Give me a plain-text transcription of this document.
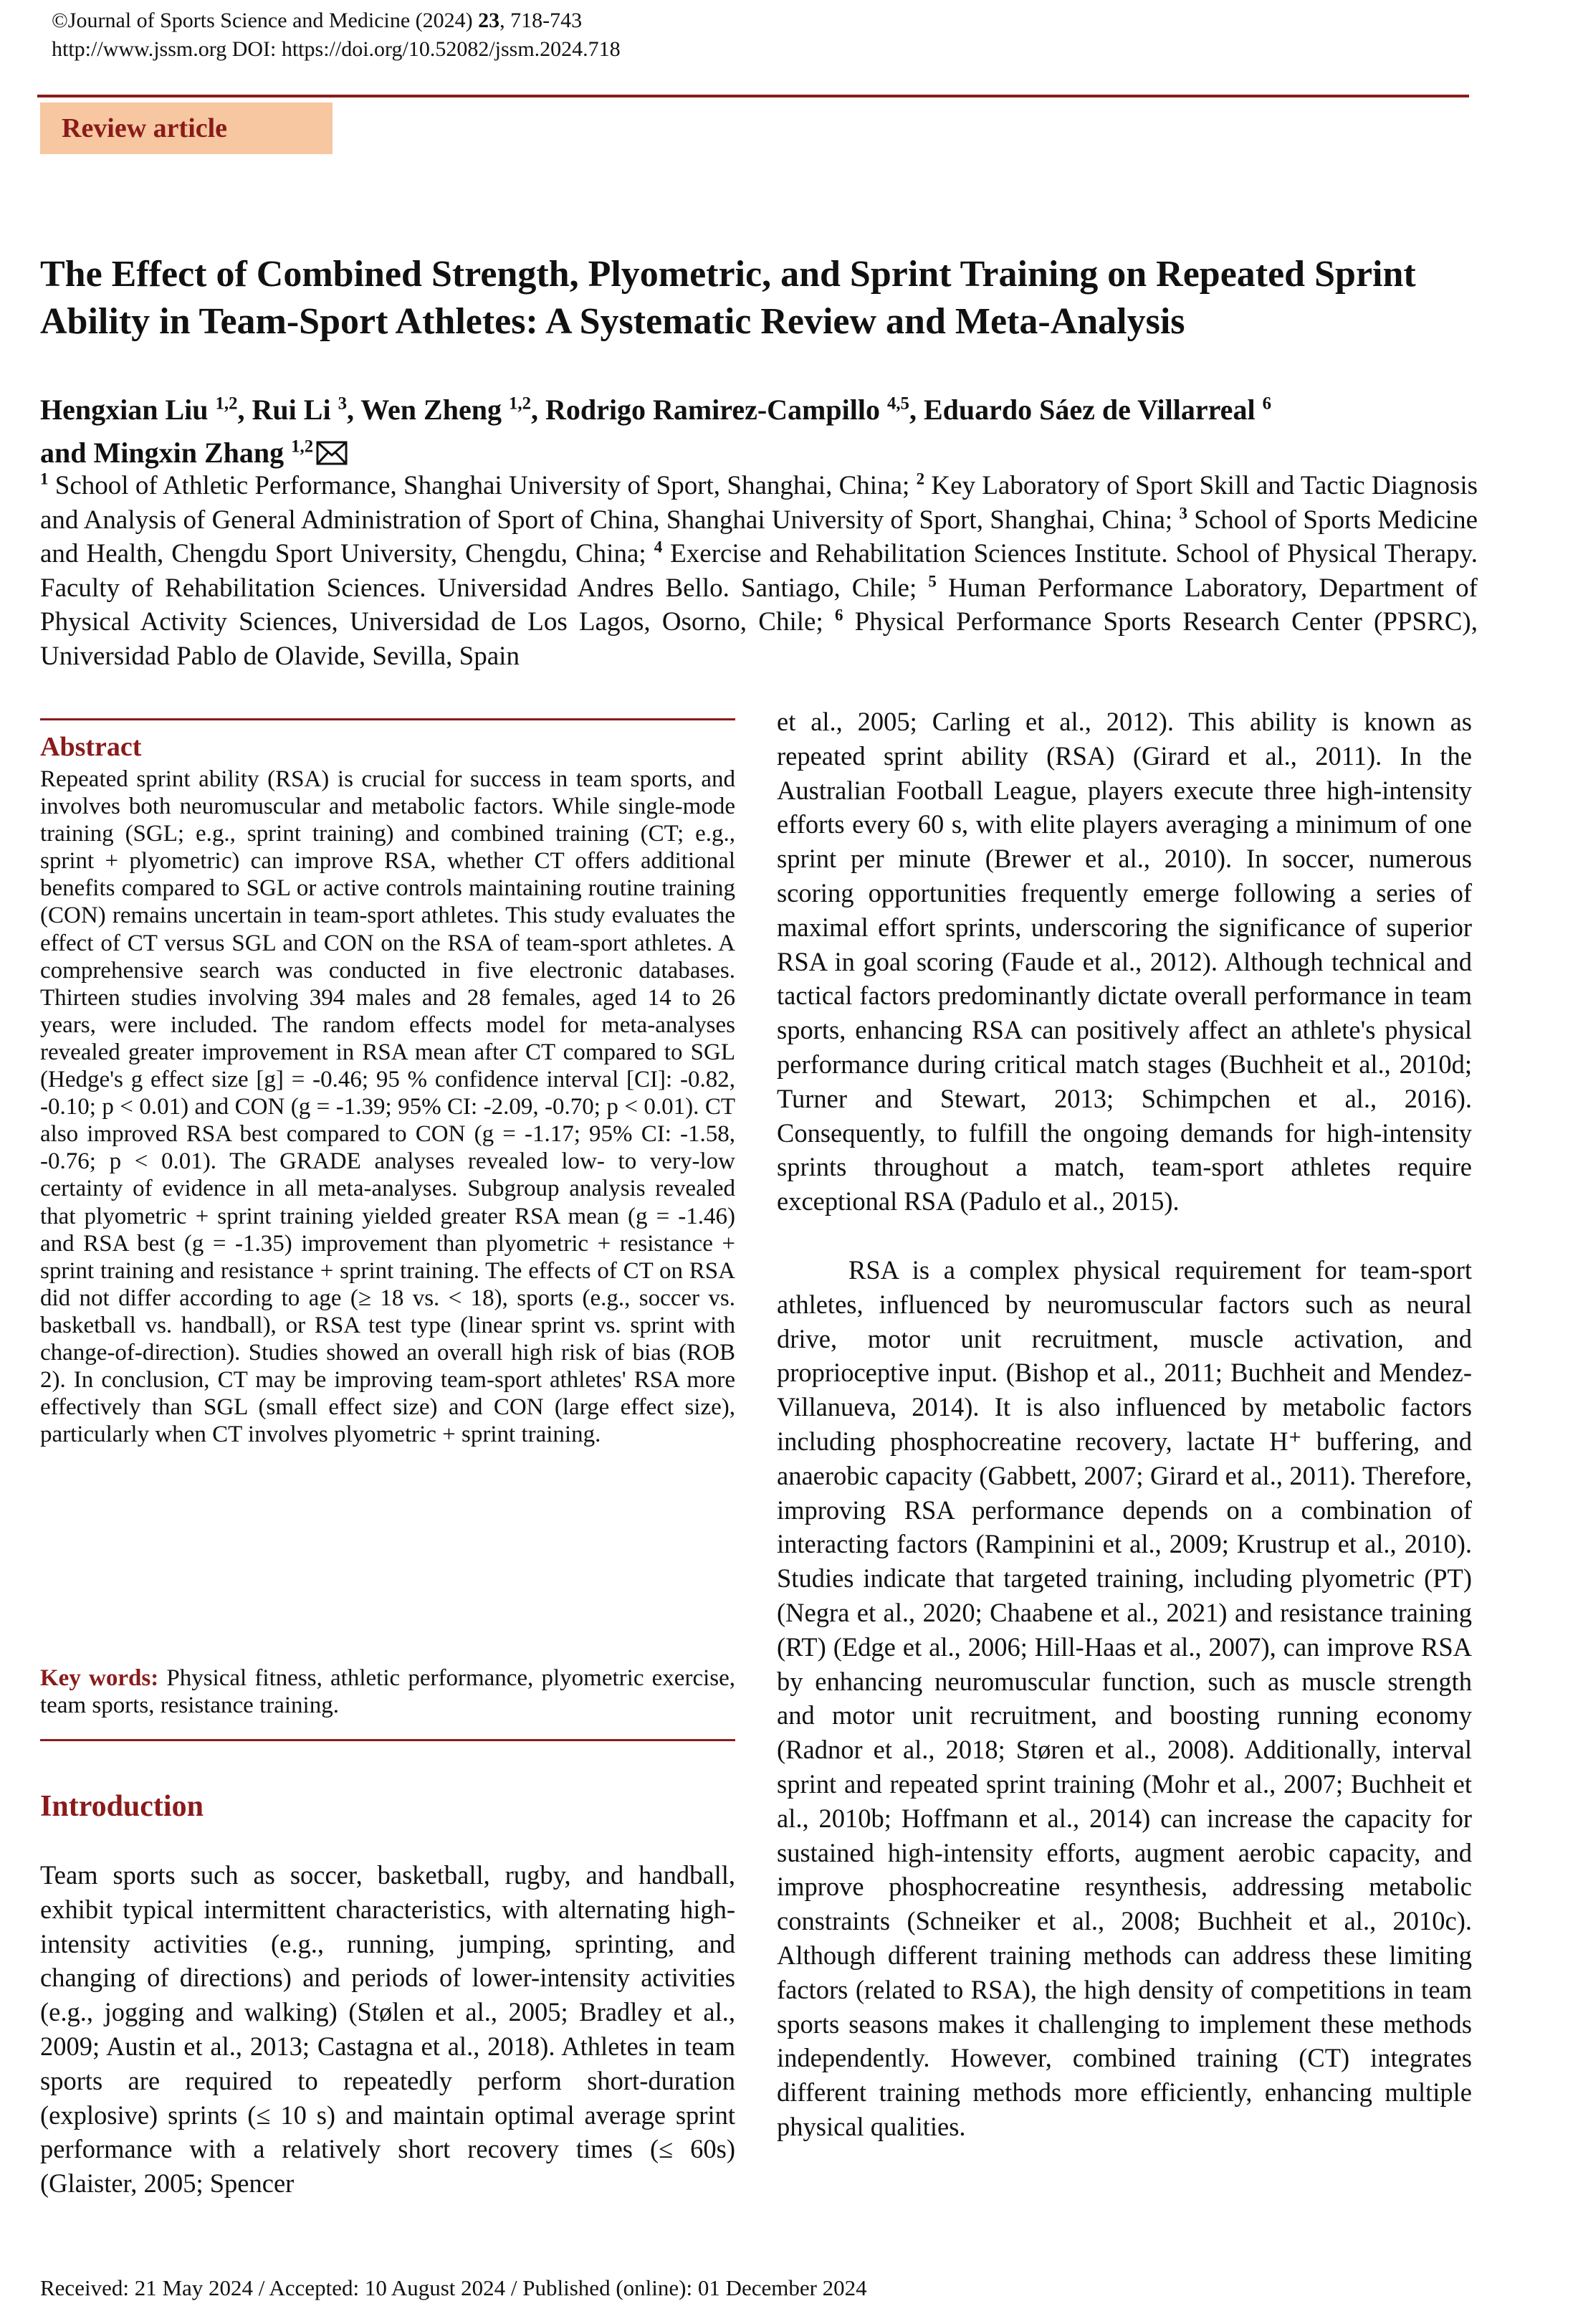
©Journal of Sports Science and Medicine (2024) 23, 718-743
http://www.jssm.org DOI: https://doi.org/10.52082/jssm.2024.718
Review article
The Effect of Combined Strength, Plyometric, and Sprint Training on Repeated Sprint Ability in Team-Sport Athletes: A Systematic Review and Meta-Analysis

Hengxian Liu $^{1,2}$, Rui Li $^3$, Wen Zheng $^{1,2}$, Rodrigo Ramirez-Campillo $^{4,5}$, Eduardo Sáez de Villarreal $^6$
and Mingxin Zhang $^{1,2}$

$^1$ School of Athletic Performance, Shanghai University of Sport, Shanghai, China; $^2$ Key Laboratory of Sport Skill and Tactic Diagnosis and Analysis of General Administration of Sport of China, Shanghai University of Sport, Shanghai, China; $^3$ School of Sports Medicine and Health, Chengdu Sport University, Chengdu, China; $^4$ Exercise and Rehabilitation Sciences Institute. School of Physical Therapy. Faculty of Rehabilitation Sciences. Universidad Andres Bello. Santiago, Chile; $^5$ Human Performance Laboratory, Department of Physical Activity Sciences, Universidad de Los Lagos, Osorno, Chile; $^6$ Physical Performance Sports Research Center (PPSRC), Universidad Pablo de Olavide, Sevilla, Spain

Abstract

Repeated sprint ability (RSA) is crucial for success in team sports, and involves both neuromuscular and metabolic factors. While single-mode training (SGL; e.g., sprint training) and combined training (CT; e.g., sprint + plyometric) can improve RSA, whether CT offers additional benefits compared to SGL or active controls maintaining routine training (CON) remains uncertain in team-sport athletes. This study evaluates the effect of CT versus SGL and CON on the RSA of team-sport athletes. A comprehensive search was conducted in five electronic databases. Thirteen studies involving 394 males and 28 females, aged 14 to 26 years, were included. The random effects model for meta-analyses revealed greater improvement in RSA mean after CT compared to SGL (Hedge's g effect size [g] = -0.46; 95 % confidence interval [CI]: -0.82, -0.10; p < 0.01) and CON (g = -1.39; 95% CI: -2.09, -0.70; p < 0.01). CT also improved RSA best compared to CON (g = -1.17; 95% CI: -1.58, -0.76; p < 0.01). The GRADE analyses revealed low- to very-low certainty of evidence in all meta-analyses. Subgroup analysis revealed that plyometric + sprint training yielded greater RSA mean (g = -1.46) and RSA best (g = -1.35) improvement than plyometric + resistance + sprint training and resistance + sprint training. The effects of CT on RSA did not differ according to age (≥ 18 vs. < 18), sports (e.g., soccer vs. basketball vs. handball), or RSA test type (linear sprint vs. sprint with change-of-direction). Studies showed an overall high risk of bias (ROB 2). In conclusion, CT may be improving team-sport athletes' RSA more effectively than SGL (small effect size) and CON (large effect size), particularly when CT involves plyometric + sprint training.

Key words: Physical fitness, athletic performance, plyometric exercise, team sports, resistance training.

Introduction

Team sports such as soccer, basketball, rugby, and handball, exhibit typical intermittent characteristics, with alternating high-intensity activities (e.g., running, jumping, sprinting, and changing of directions) and periods of lower-intensity activities (e.g., jogging and walking) (Stølen et al., 2005; Bradley et al., 2009; Austin et al., 2013; Castagna et al., 2018). Athletes in team sports are required to repeatedly perform short-duration (explosive) sprints (≤ 10 s) and maintain optimal average sprint performance with a relatively short recovery times (≤ 60s) (Glaister, 2005; Spencer

et al., 2005; Carling et al., 2012). This ability is known as repeated sprint ability (RSA) (Girard et al., 2011). In the Australian Football League, players execute three high-intensity efforts every 60 s, with elite players averaging a minimum of one sprint per minute (Brewer et al., 2010). In soccer, numerous scoring opportunities frequently emerge following a series of maximal effort sprints, underscoring the significance of superior RSA in goal scoring (Faude et al., 2012). Although technical and tactical factors predominantly dictate overall performance in team sports, enhancing RSA can positively affect an athlete's physical performance during critical match stages (Buchheit et al., 2010d; Turner and Stewart, 2013; Schimpchen et al., 2016). Consequently, to fulfill the ongoing demands for high-intensity sprints throughout a match, team-sport athletes require exceptional RSA (Padulo et al., 2015).

RSA is a complex physical requirement for team-sport athletes, influenced by neuromuscular factors such as neural drive, motor unit recruitment, muscle activation, and proprioceptive input. (Bishop et al., 2011; Buchheit and Mendez-Villanueva, 2014). It is also influenced by metabolic factors including phosphocreatine recovery, lactate H⁺ buffering, and anaerobic capacity (Gabbett, 2007; Girard et al., 2011). Therefore, improving RSA performance depends on a combination of interacting factors (Rampinini et al., 2009; Krustrup et al., 2010). Studies indicate that targeted training, including plyometric (PT) (Negra et al., 2020; Chaabene et al., 2021) and resistance training (RT) (Edge et al., 2006; Hill-Haas et al., 2007), can improve RSA by enhancing neuromuscular function, such as muscle strength and motor unit recruitment, and boosting running economy (Radnor et al., 2018; Støren et al., 2008). Additionally, interval sprint and repeated sprint training (Mohr et al., 2007; Buchheit et al., 2010b; Hoffmann et al., 2014) can increase the capacity for sustained high-intensity efforts, augment aerobic capacity, and improve phosphocreatine resynthesis, addressing metabolic constraints (Schneiker et al., 2008; Buchheit et al., 2010c). Although different training methods can address these limiting factors (related to RSA), the high density of competitions in team sports seasons makes it challenging to implement these methods independently. However, combined training (CT) integrates different training methods more efficiently, enhancing multiple physical qualities.

Received: 21 May 2024 / Accepted: 10 August 2024 / Published (online): 01 December 2024
